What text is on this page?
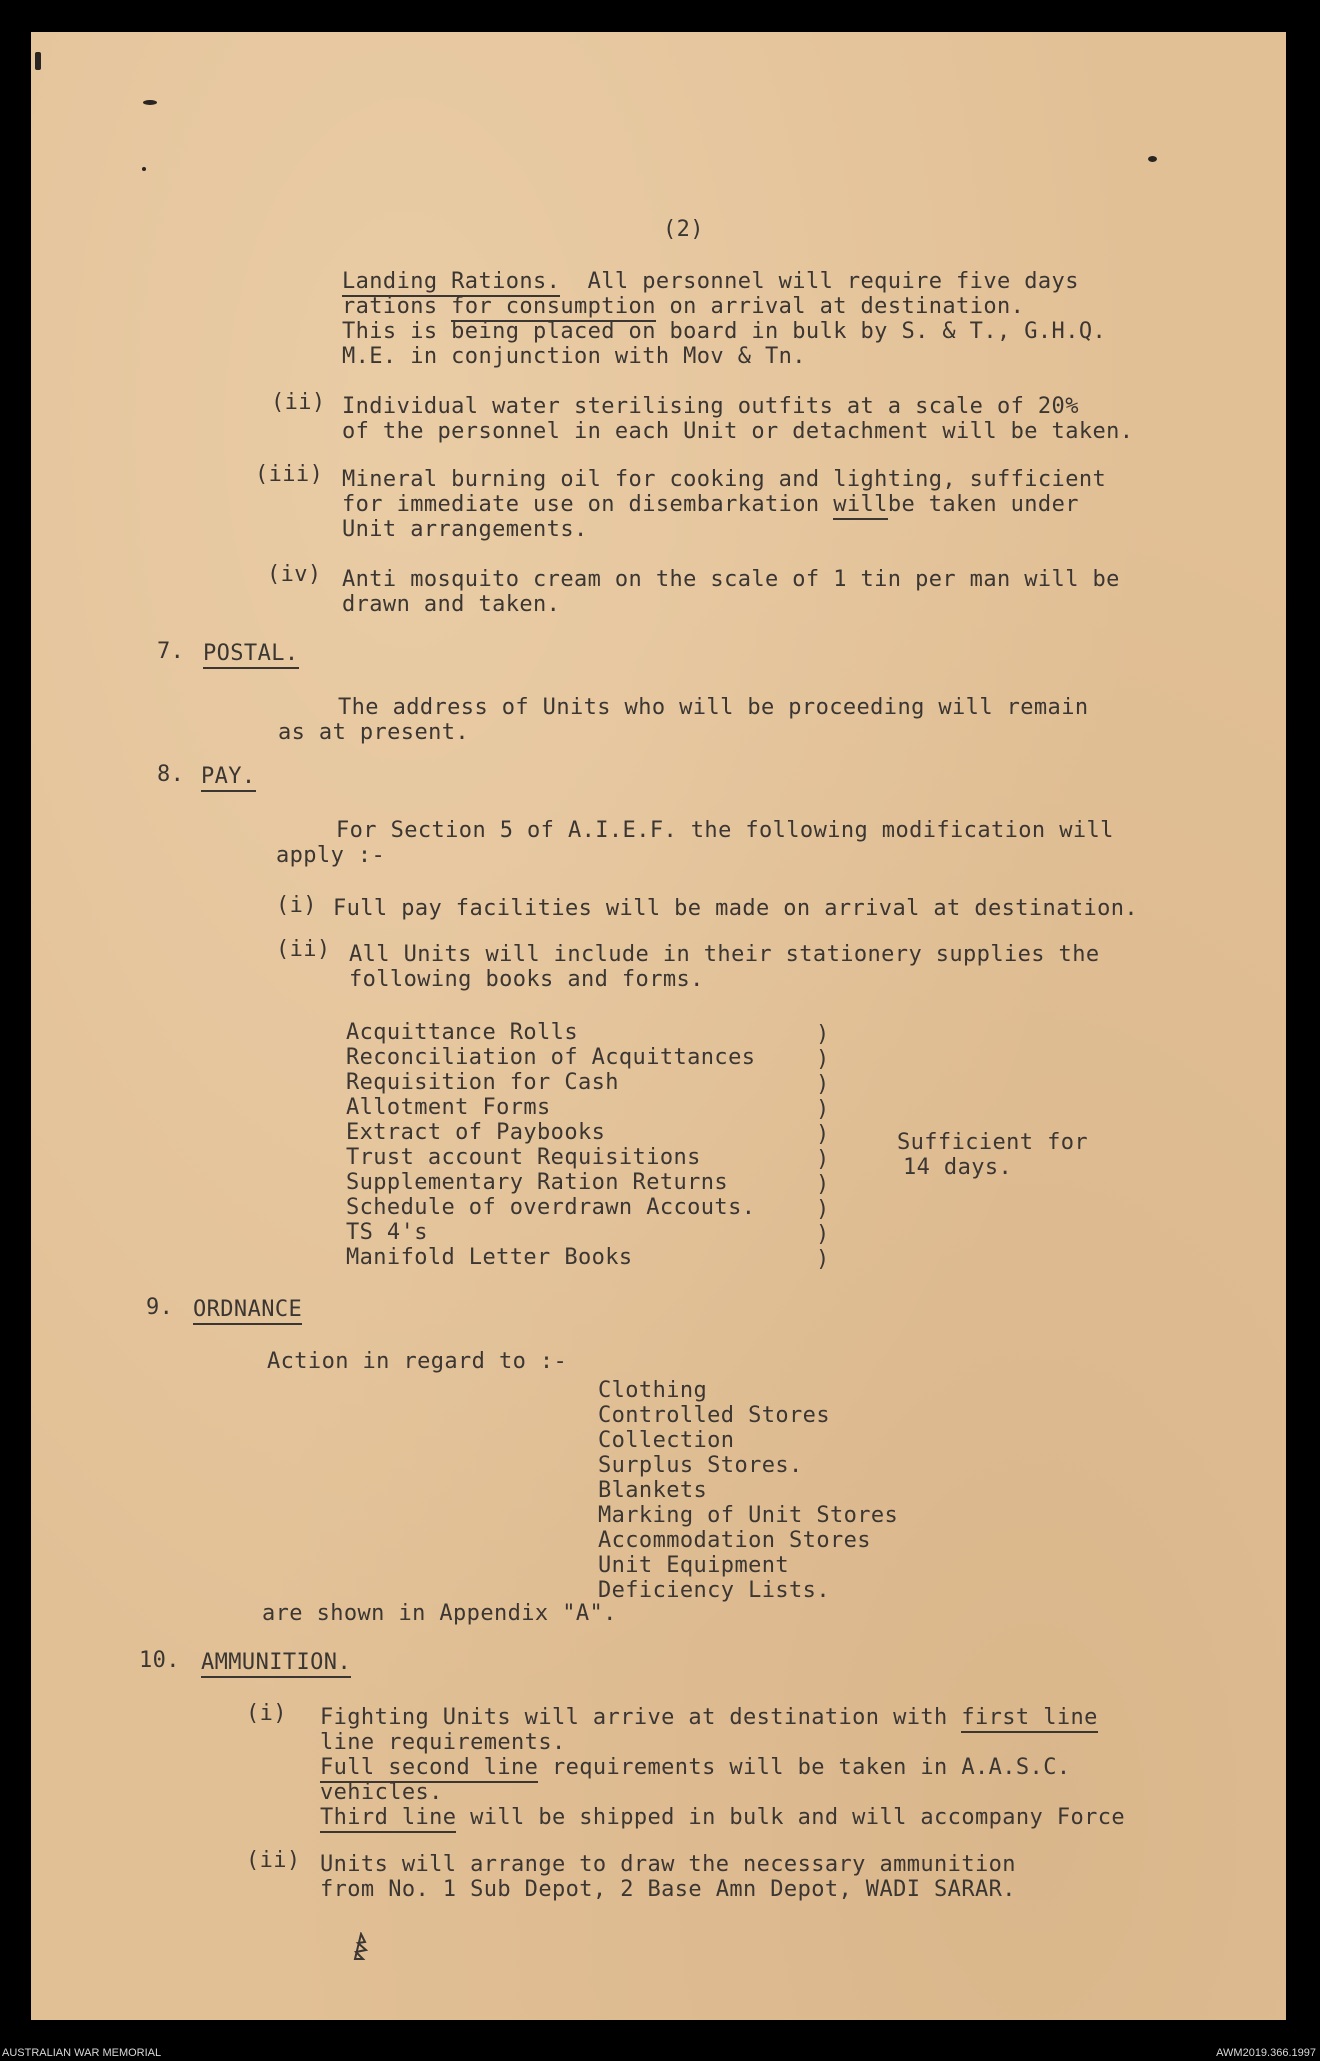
(2)
Landing Rations.  All personnel will require five days
rations for consumption on arrival at destination.
This is being placed on board in bulk by S. & T., G.H.Q.
M.E. in conjunction with Mov & Tn.
(ii) Individual water sterilising outfits at a scale of 20%
of the personnel in each Unit or detachment will be taken.
(iii) Mineral burning oil for cooking and lighting, sufficient
for immediate use on disembarkation willbe taken under
Unit arrangements.
(iv) Anti mosquito cream on the scale of 1 tin per man will be
drawn and taken.
7. POSTAL.
The address of Units who will be proceeding will remain
as at present.
8. PAY.
For Section 5 of A.I.E.F. the following modification will
apply :-
(i) Full pay facilities will be made on arrival at destination.
(ii) All Units will include in their stationery supplies the
following books and forms.
Acquittance Rolls
Reconciliation of Acquittances
Requisition for Cash
Allotment Forms
Extract of Paybooks
Trust account Requisitions
Supplementary Ration Returns
Schedule of overdrawn Accouts.
TS 4's
Manifold Letter Books
)
)
)
)
)
)
)
)
)
)
Sufficient for
14 days.
9. ORDNANCE
Action in regard to :-
Clothing
Controlled Stores
Collection
Surplus Stores.
Blankets
Marking of Unit Stores
Accommodation Stores
Unit Equipment
Deficiency Lists.
are shown in Appendix "A".
10. AMMUNITION.
(i) Fighting Units will arrive at destination with first line
line requirements.
Full second line requirements will be taken in A.A.S.C.
vehicles.
Third line will be shipped in bulk and will accompany Force
(ii) Units will arrange to draw the necessary ammunition
from No. 1 Sub Depot, 2 Base Amn Depot, WADI SARAR.
AUSTRALIAN WAR MEMORIAL	AWM2019.366.1997
